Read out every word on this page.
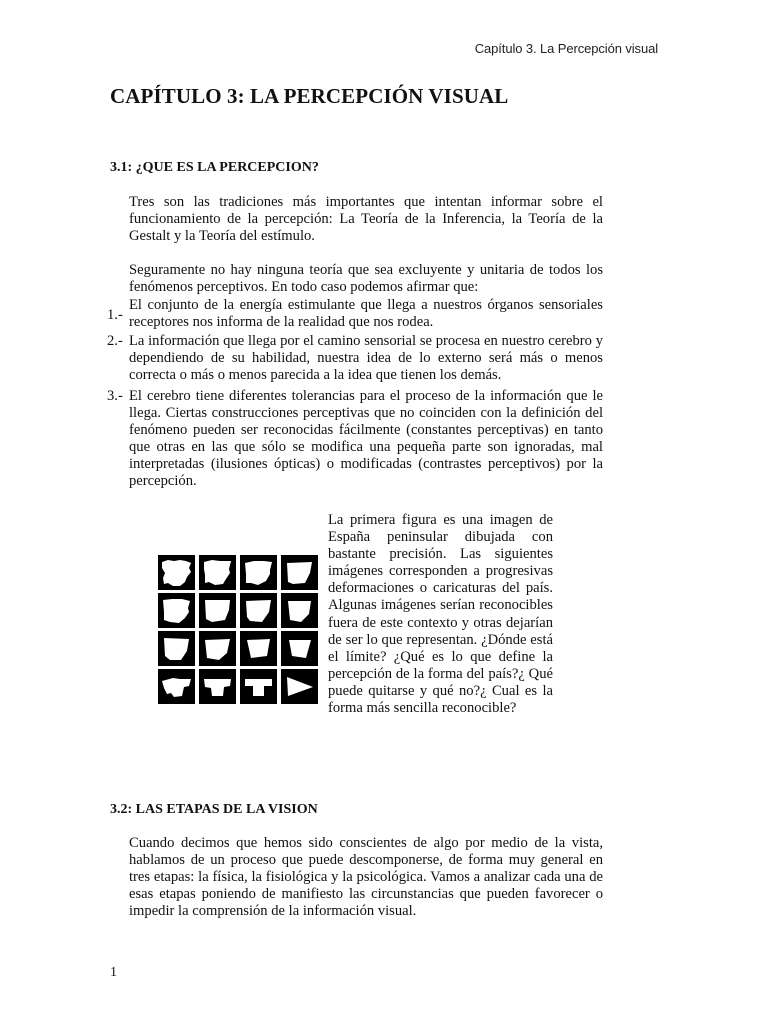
Capítulo 3. La Percepción visual
CAPÍTULO 3: LA PERCEPCIÓN VISUAL
3.1: ¿QUE ES LA PERCEPCION?

Tres son las tradiciones más importantes que intentan informar sobre el funcionamiento de la percepción: La Teoría de la Inferencia, la Teoría de la Gestalt y la Teoría del estímulo.

Seguramente no hay ninguna teoría que sea excluyente y unitaria de todos los fenómenos perceptivos. En todo caso podemos afirmar que:

1.-

El conjunto de la energía estimulante que llega a nuestros órganos sensoriales receptores nos informa de la realidad que nos rodea.

2.- La información que llega por el camino sensorial se procesa en nuestro cerebro y dependiendo de su habilidad, nuestra idea de lo externo será más o menos correcta o más o menos parecida a la idea que tienen los demás.

3.- El cerebro tiene diferentes tolerancias para el proceso de la información que le llega. Ciertas construcciones perceptivas que no coinciden con la definición del fenómeno pueden ser reconocidas fácilmente (constantes perceptivas) en tanto que otras en las que sólo se modifica una pequeña parte son ignoradas, mal interpretadas (ilusiones ópticas) o modificadas (contrastes perceptivos) por la percepción.

La primera figura es una imagen de España peninsular dibujada con bastante precisión. Las siguientes imágenes corresponden a progresivas deformaciones o caricaturas del país. Algunas imágenes serían reconocibles fuera de este contexto y otras dejarían de ser lo que representan. ¿Dónde está el límite? ¿Qué es lo que define la percepción de la forma del país?¿ Qué puede quitarse y qué no?¿ Cual es la forma más sencilla reconocible?

3.2: LAS ETAPAS DE LA VISION

Cuando decimos que hemos sido conscientes de algo por medio de la vista, hablamos de un proceso que puede descomponerse, de forma muy general en tres etapas: la física, la fisiológica y la psicológica. Vamos a analizar cada una de esas etapas poniendo de manifiesto las circunstancias que pueden favorecer o impedir la comprensión de la información visual.

1
